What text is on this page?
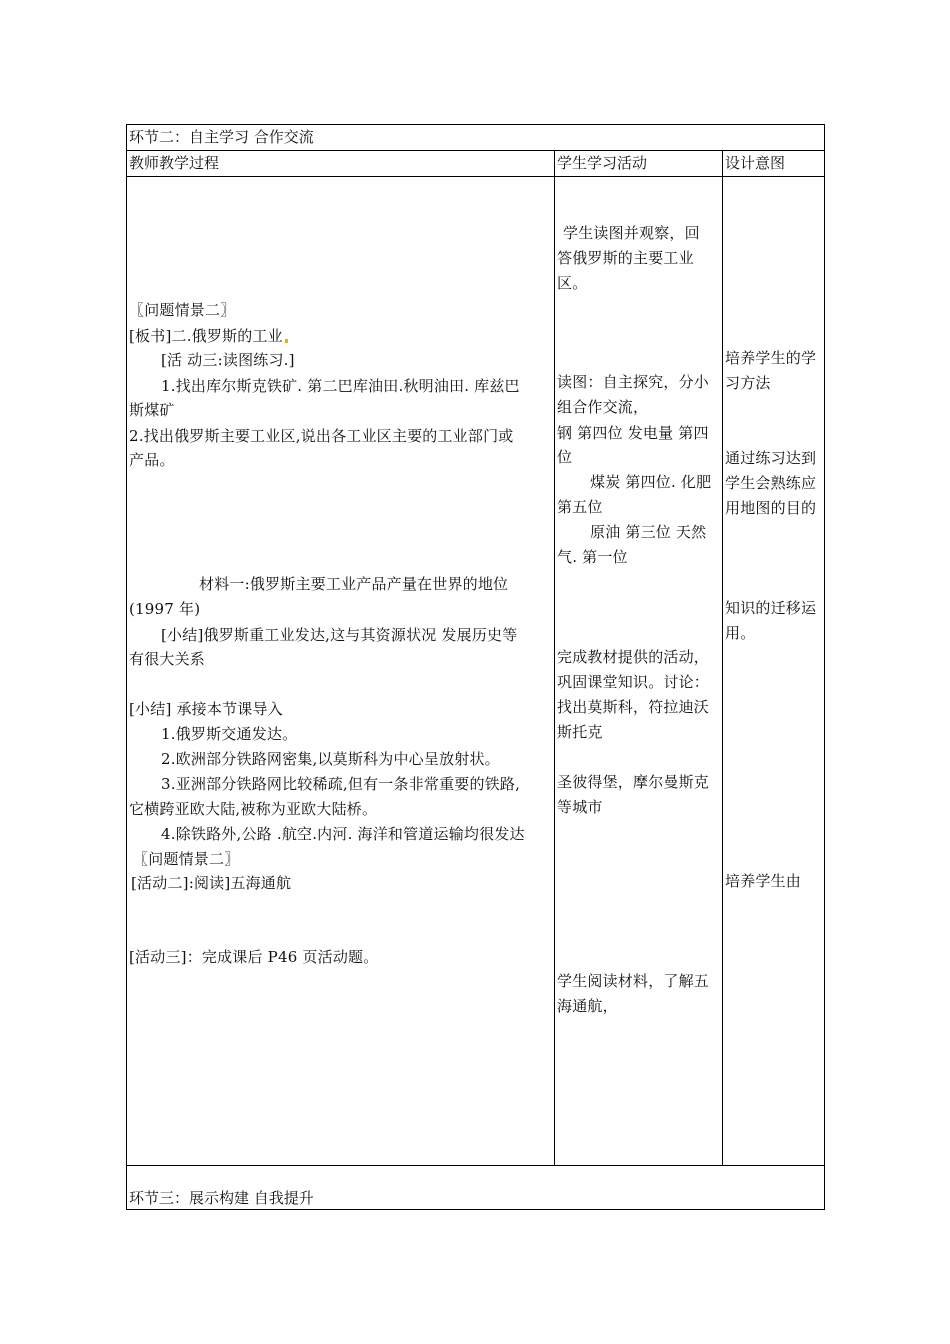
环节二：自主学习 合作交流
教师教学过程	学生学习活动	设计意图
〖问题情景二〗
[板书]二.俄罗斯的工业
[活 动三:读图练习.]
1.找出库尔斯克铁矿. 第二巴库油田.秋明油田. 库兹巴
斯煤矿
2.找出俄罗斯主要工业区,说出各工业区主要的工业部门或
产品。
材料一:俄罗斯主要工业产品产量在世界的地位
(1997 年)
[小结]俄罗斯重工业发达,这与其资源状况 发展历史等
有很大关系
[小结] 承接本节课导入
1.俄罗斯交通发达。
2.欧洲部分铁路网密集,以莫斯科为中心呈放射状。
3.亚洲部分铁路网比较稀疏,但有一条非常重要的铁路,
它横跨亚欧大陆,被称为亚欧大陆桥。
4.除铁路外,公路 .航空.内河. 海洋和管道运输均很发达
〖问题情景二〗
[活动二]:阅读]五海通航
[活动三]：完成课后 P46 页活动题。
学生读图并观察，回
答俄罗斯的主要工业
区。
读图：自主探究，分小
组合作交流，
钢 第四位 发电量 第四
位
煤炭 第四位. 化肥
第五位
原油 第三位 天然
气. 第一位
完成教材提供的活动，
巩固课堂知识。讨论：
找出莫斯科，符拉迪沃
斯托克
圣彼得堡，摩尔曼斯克
等城市
学生阅读材料，了解五
海通航，
培养学生的学
习方法
通过练习达到
学生会熟练应
用地图的目的
知识的迁移运
用。
培养学生由
环节三：展示构建 自我提升
